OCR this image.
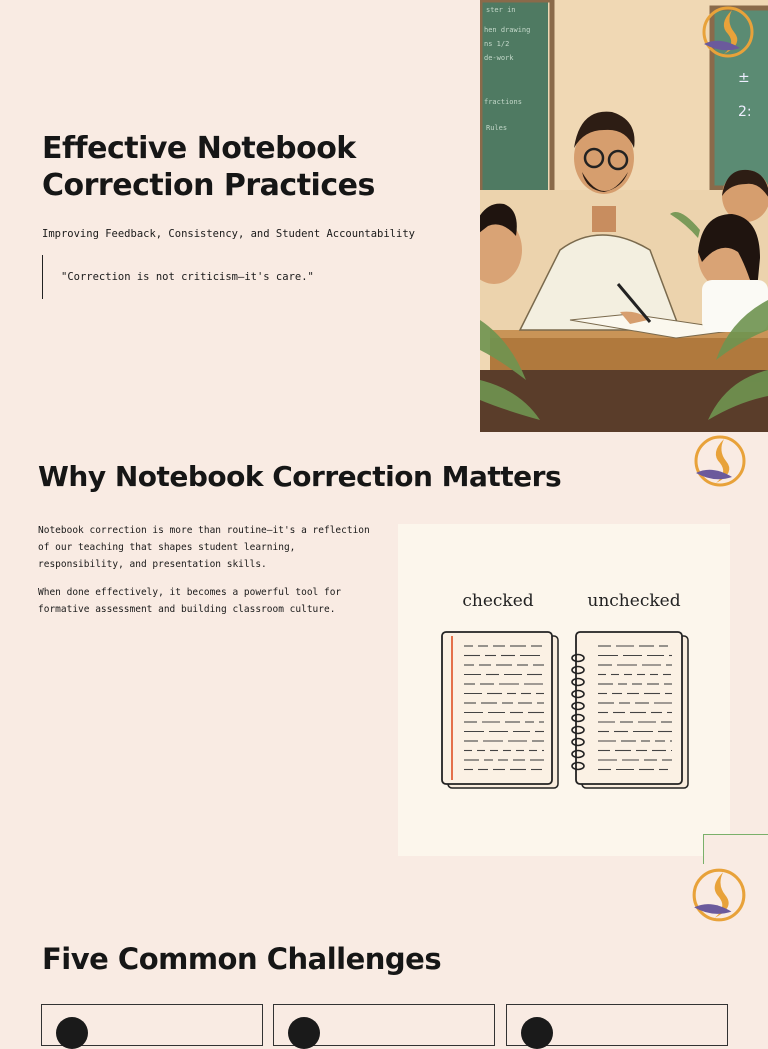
Effective Notebook Correction Practices
Improving Feedback, Consistency, and Student Accountability
"Correction is not criticism—it's care."
ster in
hen drawing
ns 1/2
de-work
fractions
Rules
±
2:
Why Notebook Correction Matters

Notebook correction is more than routine—it's a reflection of our teaching that shapes student learning, responsibility, and presentation skills.

When done effectively, it becomes a powerful tool for formative assessment and building classroom culture.	checked	unchecked
Five Common Challenges
